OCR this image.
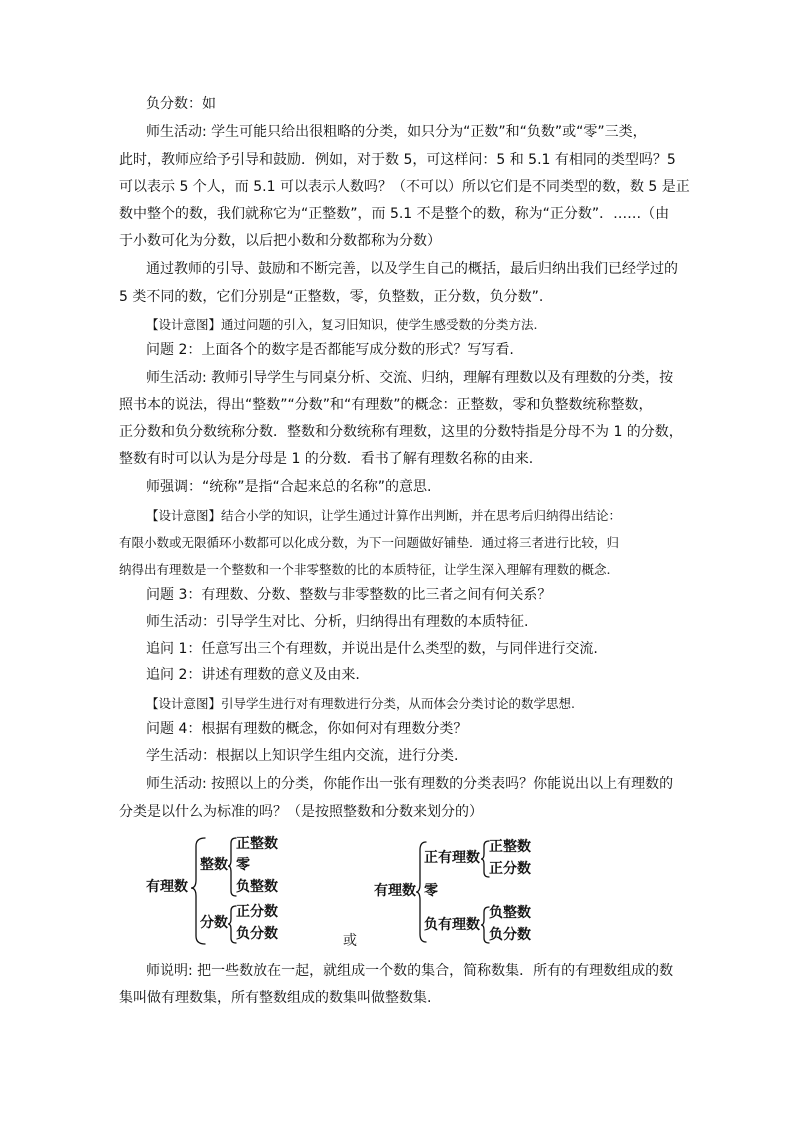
负分数：如
师生活动: 学生可能只给出很粗略的分类，如只分为“正数”和“负数”或“零”三类，
此时，教师应给予引导和鼓励．例如，对于数 5，可这样问：5 和 5.1 有相同的类型吗？5
可以表示 5 个人，而 5.1 可以表示人数吗？（不可以）所以它们是不同类型的数，数 5 是正
数中整个的数，我们就称它为“正整数”，而 5.1 不是整个的数，称为“正分数”．……（由
于小数可化为分数，以后把小数和分数都称为分数）
通过教师的引导、鼓励和不断完善，以及学生自己的概括，最后归纳出我们已经学过的
5 类不同的数，它们分别是“正整数，零，负整数，正分数，负分数”.
【设计意图】通过问题的引入，复习旧知识，使学生感受数的分类方法.
问题 2：上面各个的数字是否都能写成分数的形式？写写看.
师生活动: 教师引导学生与同桌分析、交流、归纳，理解有理数以及有理数的分类，按
照书本的说法，得出“整数”“分数”和“有理数”的概念：正整数，零和负整数统称整数，
正分数和负分数统称分数．整数和分数统称有理数，这里的分数特指是分母不为 1 的分数，
整数有时可以认为是分母是 1 的分数．看书了解有理数名称的由来.
师强调：“统称”是指“合起来总的名称”的意思.
【设计意图】结合小学的知识，让学生通过计算作出判断，并在思考后归纳得出结论：
有限小数或无限循环小数都可以化成分数，为下一问题做好铺垫．通过将三者进行比较，归
纳得出有理数是一个整数和一个非零整数的比的本质特征，让学生深入理解有理数的概念.
问题 3：有理数、分数、整数与非零整数的比三者之间有何关系？
师生活动：引导学生对比、分析，归纳得出有理数的本质特征.
追问 1：任意写出三个有理数，并说出是什么类型的数，与同伴进行交流.
追问 2：讲述有理数的意义及由来.
【设计意图】引导学生进行对有理数进行分类，从而体会分类讨论的数学思想.
问题 4：根据有理数的概念，你如何对有理数分类？
学生活动：根据以上知识学生组内交流，进行分类.
师生活动: 按照以上的分类，你能作出一张有理数的分类表吗？你能说出以上有理数的
分类是以什么为标准的吗？（是按照整数和分数来划分的）
有理数
整数
正整数
零
负整数
分数
正分数
负分数	或
有理数
正有理数
正整数
正分数
零
负有理数
负整数
负分数
师说明: 把一些数放在一起，就组成一个数的集合，简称数集．所有的有理数组成的数
集叫做有理数集，所有整数组成的数集叫做整数集.
